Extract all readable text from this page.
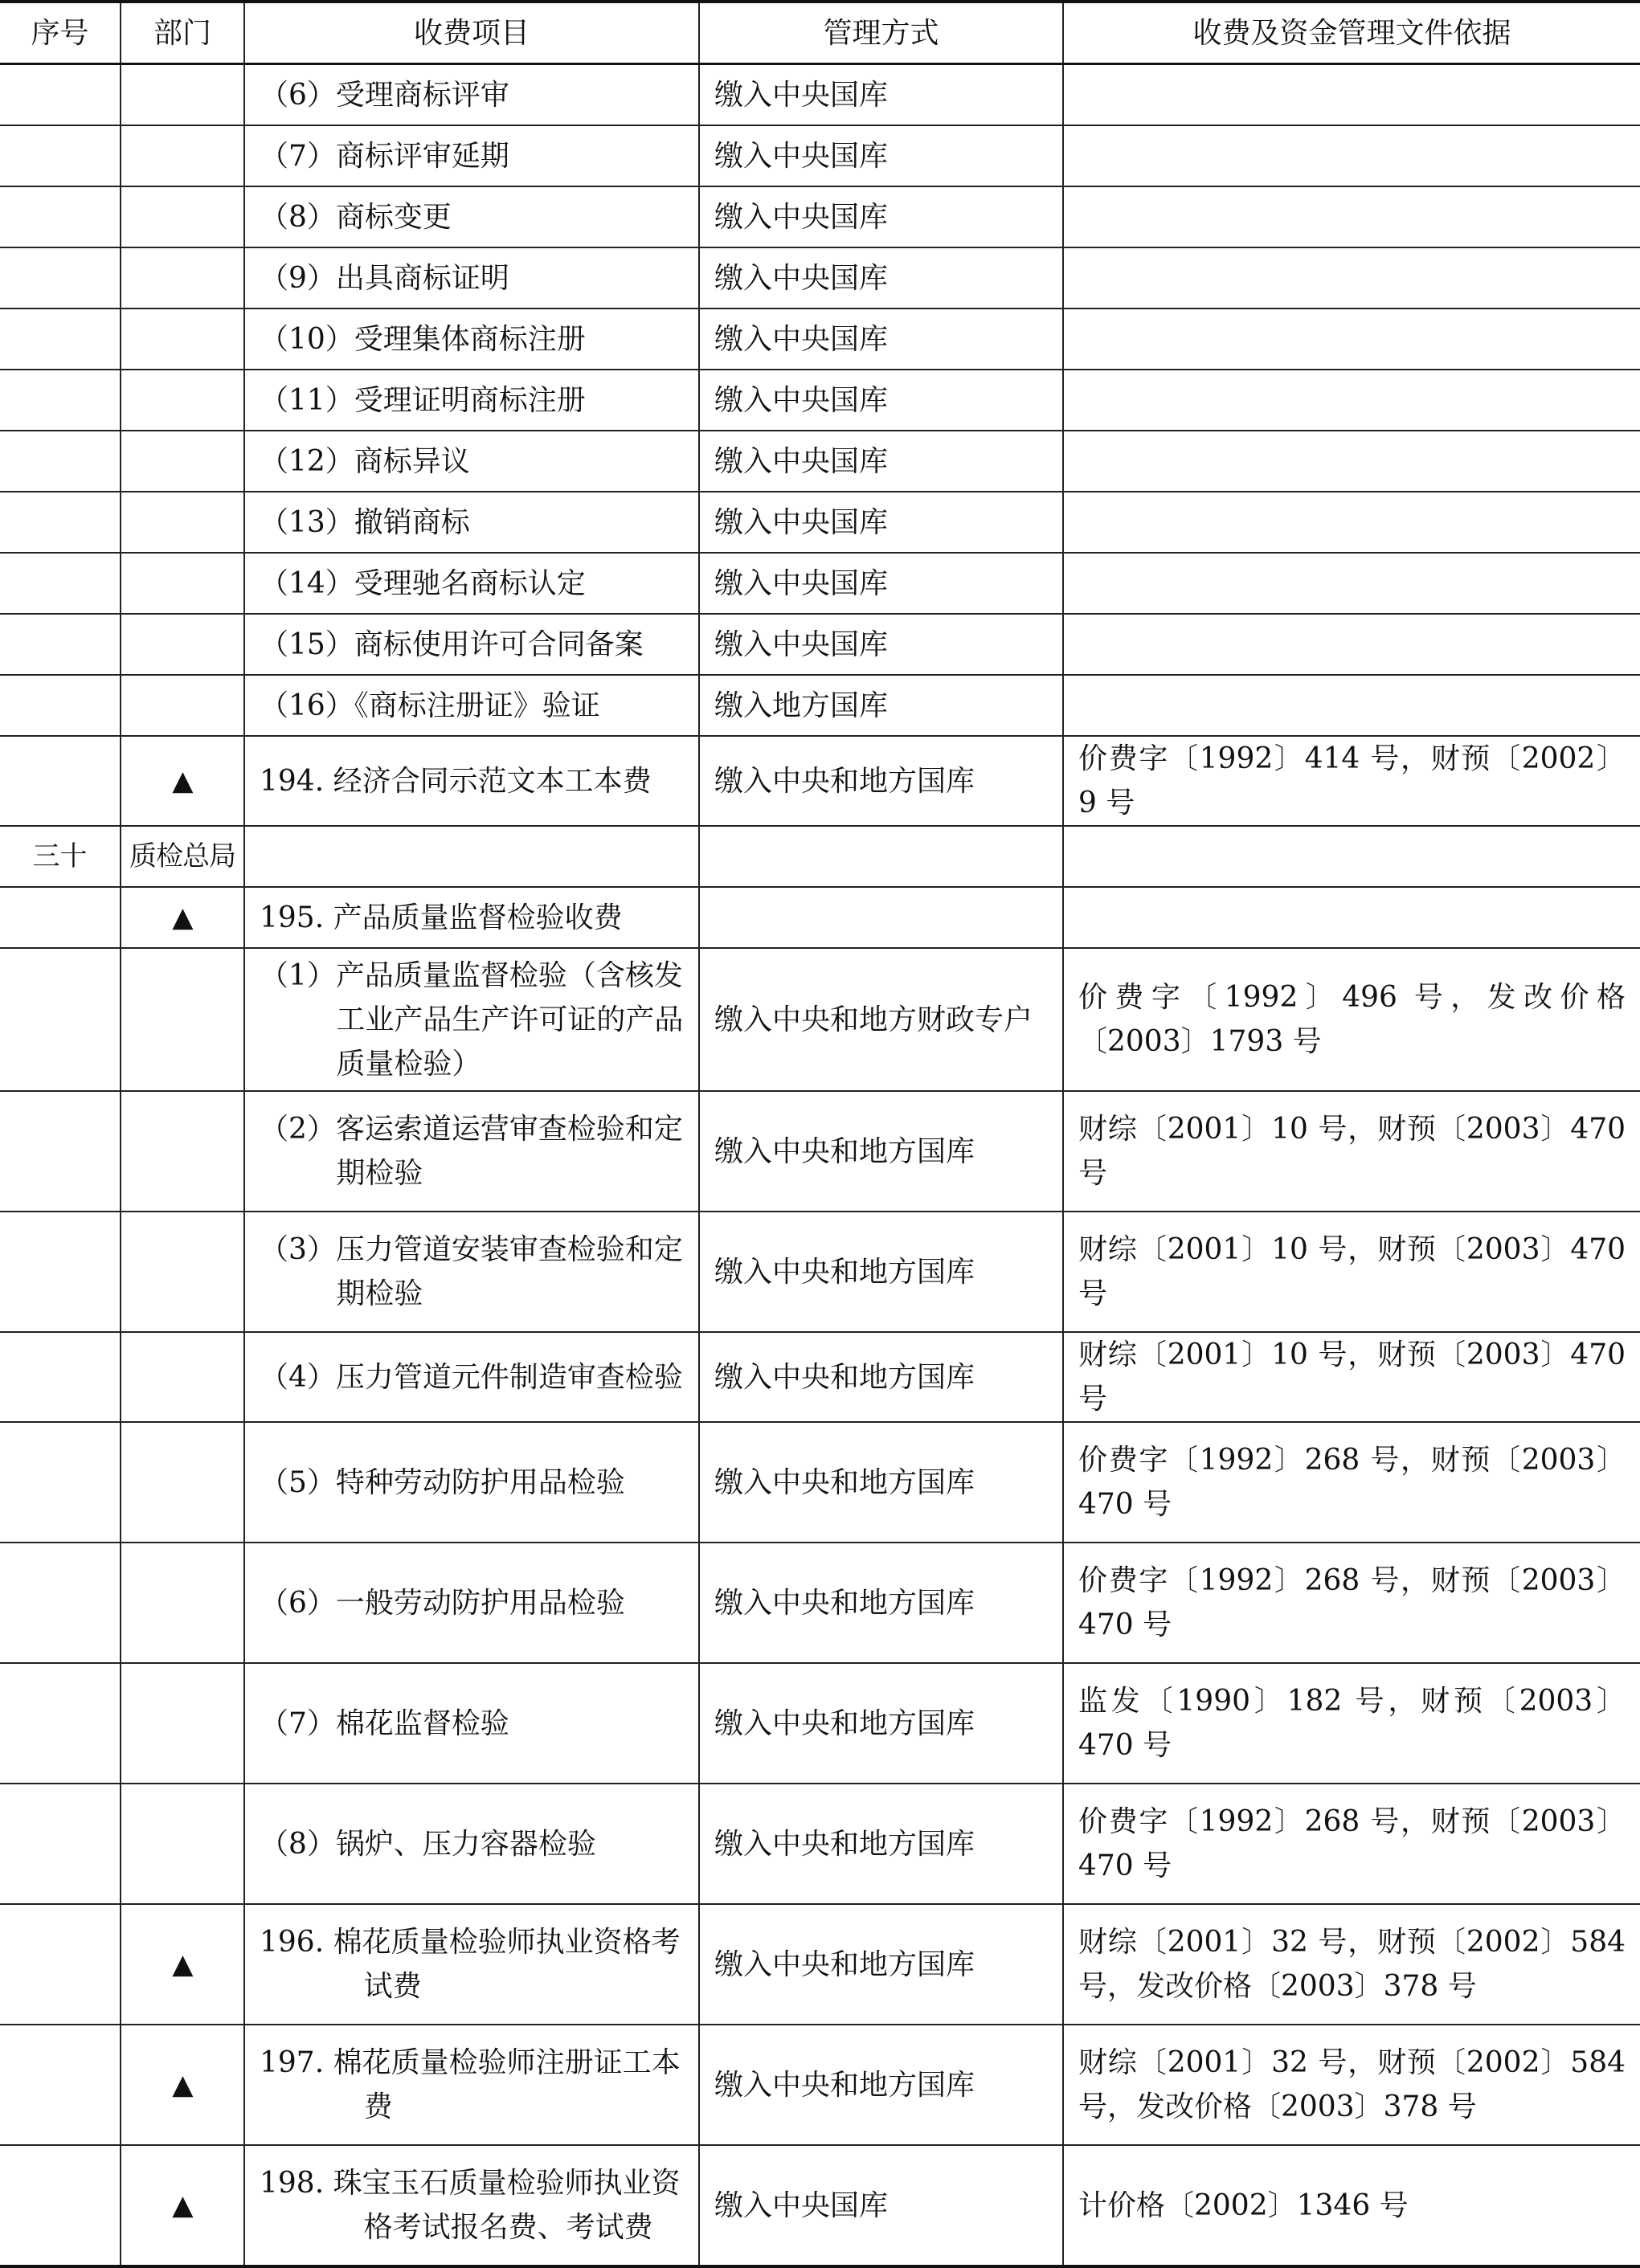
序号	部门	收费项目	管理方式	收费及资金管理文件依据
		（6）受理商标评审	缴入中央国库	
		（7）商标评审延期	缴入中央国库	
		（8）商标变更	缴入中央国库	
		（9）出具商标证明	缴入中央国库	
		（10）受理集体商标注册	缴入中央国库	
		（11）受理证明商标注册	缴入中央国库	
		（12）商标异议	缴入中央国库	
		（13）撤销商标	缴入中央国库	
		（14）受理驰名商标认定	缴入中央国库	
		（15）商标使用许可合同备案	缴入中央国库	
		（16）《商标注册证》验证	缴入地方国库	
	▲	194. 经济合同示范文本工本费	缴入中央和地方国库	价费字〔1992〕414 号，财预〔2002〕9 号
三十	质检总局			
	▲	195. 产品质量监督检验收费		

		（1）产品质量监督检验（含核发工业产品生产许可证的产品质量检验）	缴入中央和地方财政专户	价费字〔1992〕496 号，发改价格〔2003〕1793 号

		（2）客运索道运营审查检验和定期检验	缴入中央和地方国库	财综〔2001〕10 号，财预〔2003〕470 号

		（3）压力管道安装审查检验和定期检验	缴入中央和地方国库	财综〔2001〕10 号，财预〔2003〕470 号
		（4）压力管道元件制造审查检验	缴入中央和地方国库	财综〔2001〕10 号，财预〔2003〕470 号
		（5）特种劳动防护用品检验	缴入中央和地方国库	价费字〔1992〕268 号，财预〔2003〕470 号
		（6）一般劳动防护用品检验	缴入中央和地方国库	价费字〔1992〕268 号，财预〔2003〕470 号
		（7）棉花监督检验	缴入中央和地方国库	监发〔1990〕182 号，财预〔2003〕470 号
		（8）锅炉、压力容器检验	缴入中央和地方国库	价费字〔1992〕268 号，财预〔2003〕470 号
	▲	196. 棉花质量检验师执业资格考试费	缴入中央和地方国库	财综〔2001〕32 号，财预〔2002〕584 号，发改价格〔2003〕378 号
	▲	197. 棉花质量检验师注册证工本费	缴入中央和地方国库	财综〔2001〕32 号，财预〔2002〕584 号，发改价格〔2003〕378 号
	▲	198. 珠宝玉石质量检验师执业资格考试报名费、考试费	缴入中央国库	计价格〔2002〕1346 号
